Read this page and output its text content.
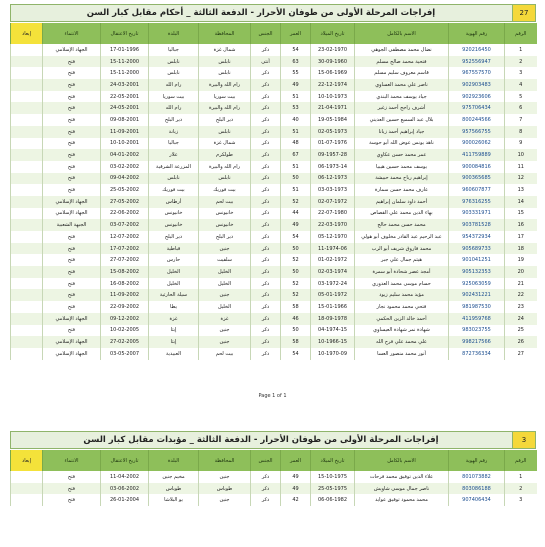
27
إفراجات المرحلة الأولى من طوفان الأحرار - الدفعة الثالثة _ أحكام مقابل كبار السن
الرقم	رقم الهوية	الاسم بالكامل	تاريخ الميلاد	العمر	الجنس	المحافظة	البلدة	تاريخ الاعتقال	الانتماء	إبعاد
1	920216450	نضال محمد مصطفى الجوهي	23-02-1970	54	ذكر	شمال غزة	جباليا	17-01-1996	الجهاد الإسلامي	
2	952556947	فتحية محمد صالح مسلم	30-09-1960	63	أنثى	نابلس	نابلس	15-11-2000	فتح	
3	967557570	قاسم معروف سليم مسلم	15-06-1969	55	ذكر	نابلس	نابلس	15-11-2000	فتح	
4	902903483	ناصر علي محمد العساوي	22-12-1974	49	ذكر	رام الله والبيرة	رام الله	24-03-2001	فتح	
5	902923606	جياد يوسف محمد البندي	10-10-1973	51	ذكر	بيت سوريا	بيت سوريا	22-05-2001	فتح	
6	975706434	أشرف راجح أحمد زغير	21-04-1971	53	ذكر	رام الله والبيرة	رام الله	24-05-2001	فتح	
7	800244566	بلال عبد السميع حسين العديني	19-05-1984	40	ذكر	دير البلح	دير البلح	09-08-2001	فتح	
8	957566755	جياد إبراهيم أحمد زبانا	02-05-1973	51	ذكر	نابلس	زبانة	11-09-2001	فتح	
9	900026062	ناهد يونس عوض الله أبو حوسة	01-07-1976	48	ذكر	شمال غزة	جباليا	10-10-2001	فتح	
10	411759889	عمر محمد حسن عكاوي	09-1957-28	67	ذكر	طولكرم	علار	04-01-2002	فتح	
11	900084816	يوسف محمد حسين هيبيا	06-1973-14	51	ذكر	رام الله والبيرة	المزرعة الشرقية	03-02-2002	فتح	
12	900365685	إبراهيم رباح محمد حبيشة	06-12-1973	50	ذكر	نابلس	نابلس	09-04-2002	فتح	
13	960607877	عارف محمد حسن سمارة	03-03-1973	51	ذكر	بيت فوريك	بيت فوريك	25-05-2002	فتح	
14	976316255	أحمد داود سلمان إبراهيم	02-07-1972	52	ذكر	بيت لحم	أرطاس	27-05-2002	الجهاد الإسلامي	
15	903331971	بهاء الدين محمد علي القصاص	22-07-1980	44	ذكر	خانيونس	خانيونس	22-06-2002	الجهاد الإسلامي	
16	903781528	محمد حسن محمد حالج	22-03-1970	49	ذكر	خانيونس	خانيونس	03-07-2002	الجبهة الشعبية	
17	954372934	عبد الرحيم عبد القادر مخلوف أبو هولي	05-12-1970	54	ذكر	دير البلح	دير البلح	12-07-2002	فتح	
18	905689733	محمد فاروق شريف أبو الرب	11-1974-06	50	ذكر	جنين	قباطية	17-07-2002	فتح	
19	901041251	هيثم جمال علي جبر	01-02-1972	52	ذكر	سلفيت	حارس	27-07-2002	فتح	
20	905132353	أمجد عصر شحادة أبو سمرة	02-03-1974	50	ذكر	الخليل	الخليل	15-08-2002	فتح	
21	925063059	حسام موسى محمد العدوري	03-1972-24	52	ذكر	الخليل	الخليل	16-08-2002	فتح	
22	902431221	مؤيد محمد سليم زيود	05-01-1972	52	ذكر	جنين	سيلة الحارثية	11-09-2002	فتح	
23	981987530	فتحي محمد محمود نجار	15-01-1966	58	ذكر	الخليل	يطا	22-09-2002	فتح	
24	411959768	أحمد خالد الزين الحكمي	18-09-1978	46	ذكر	غزة	غزة	09-12-2002	الجهاد الإسلامي	
25	983023755	شهادة نمر شهادة العيساوي	04-1974-15	50	ذكر	جنين	إبثا	10-02-2005	فتح	
26	998217566	علي محمد علي فرح الله	10-1966-15	58	ذكر	جنين	إبثا	27-02-2005	الجهاد الإسلامي	
27	872736334	أنور محمد منصور العسا	10-1970-09	54	ذكر	بيت لحم	العبيدية	03-05-2007	الجهاد الإسلامي	
Page 1 of 1
3
إفراجات المرحلة الأولى من طوفان الأحرار - الدفعة الثالثة _ مؤبدات مقابل كبار السن
الرقم	رقم الهوية	الاسم بالكامل	تاريخ الميلاد	العمر	الجنس	المحافظة	البلدة	تاريخ الاعتقال	الانتماء	إبعاد
1	801073882	علاء الدين توفيق محمد فرحات	15-10-1975	49	ذكر	جنين	مخيم جنين	11-04-2002	فتح	
2	803086188	ناصر جمال موسى شاويش	25-05-1975	49	ذكر	طوباس	طوباس	03-06-2002	فتح	
3	907406434	محمد محمود توفيق عوايد	06-06-1982	42	ذكر	جنين	يو البلاشا	26-01-2004	فتح	
